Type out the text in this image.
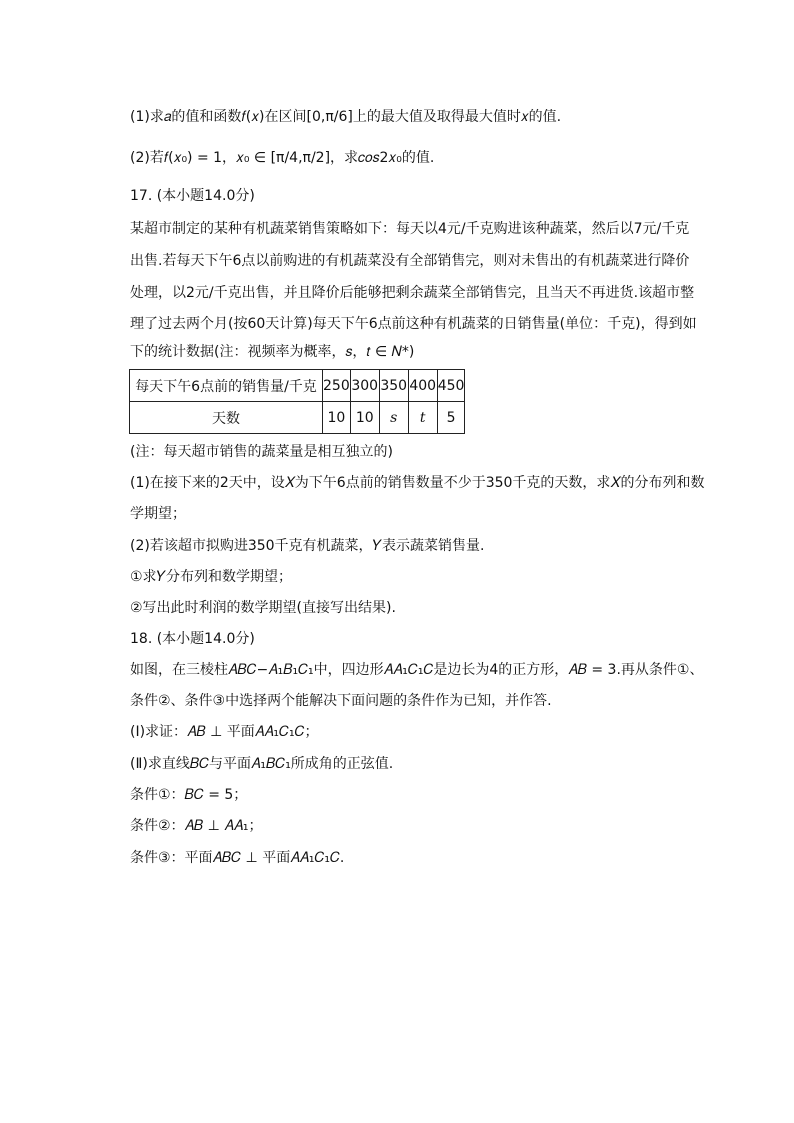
(1)求𝑎的值和函数𝑓(𝑥)在区间[0,π/6]上的最大值及取得最大值时𝑥的值.
(2)若𝑓(𝑥₀) = 1，𝑥₀ ∈ [π/4,π/2]，求𝑐𝑜𝑠2𝑥₀的值.
17. (本小题14.0分)
某超市制定的某种有机蔬菜销售策略如下：每天以4元/千克购进该种蔬菜，然后以7元/千克
出售.若每天下午6点以前购进的有机蔬菜没有全部销售完，则对未售出的有机蔬菜进行降价
处理，以2元/千克出售，并且降价后能够把剩余蔬菜全部销售完，且当天不再进货.该超市整
理了过去两个月(按60天计算)每天下午6点前这种有机蔬菜的日销售量(单位：千克)，得到如
下的统计数据(注：视频率为概率，𝑠，𝑡 ∈ 𝑁*)
每天下午6点前的销售量/千克	250	300	350	400	450
天数	10	10	s	t	5
(注：每天超市销售的蔬菜量是相互独立的)
(1)在接下来的2天中，设𝑋为下午6点前的销售数量不少于350千克的天数，求𝑋的分布列和数
学期望；
(2)若该超市拟购进350千克有机蔬菜，𝑌表示蔬菜销售量.
①求𝑌分布列和数学期望；
②写出此时利润的数学期望(直接写出结果).
18. (本小题14.0分)
如图，在三棱柱𝐴𝐵𝐶−𝐴₁𝐵₁𝐶₁中，四边形𝐴𝐴₁𝐶₁𝐶是边长为4的正方形，𝐴𝐵 = 3.再从条件①、
条件②、条件③中选择两个能解决下面问题的条件作为已知，并作答.
(Ⅰ)求证：𝐴𝐵 ⊥ 平面𝐴𝐴₁𝐶₁𝐶；
(Ⅱ)求直线𝐵𝐶与平面𝐴₁𝐵𝐶₁所成角的正弦值.
条件①：𝐵𝐶 = 5；
条件②：𝐴𝐵 ⊥ 𝐴𝐴₁；
条件③：平面𝐴𝐵𝐶 ⊥ 平面𝐴𝐴₁𝐶₁𝐶.
